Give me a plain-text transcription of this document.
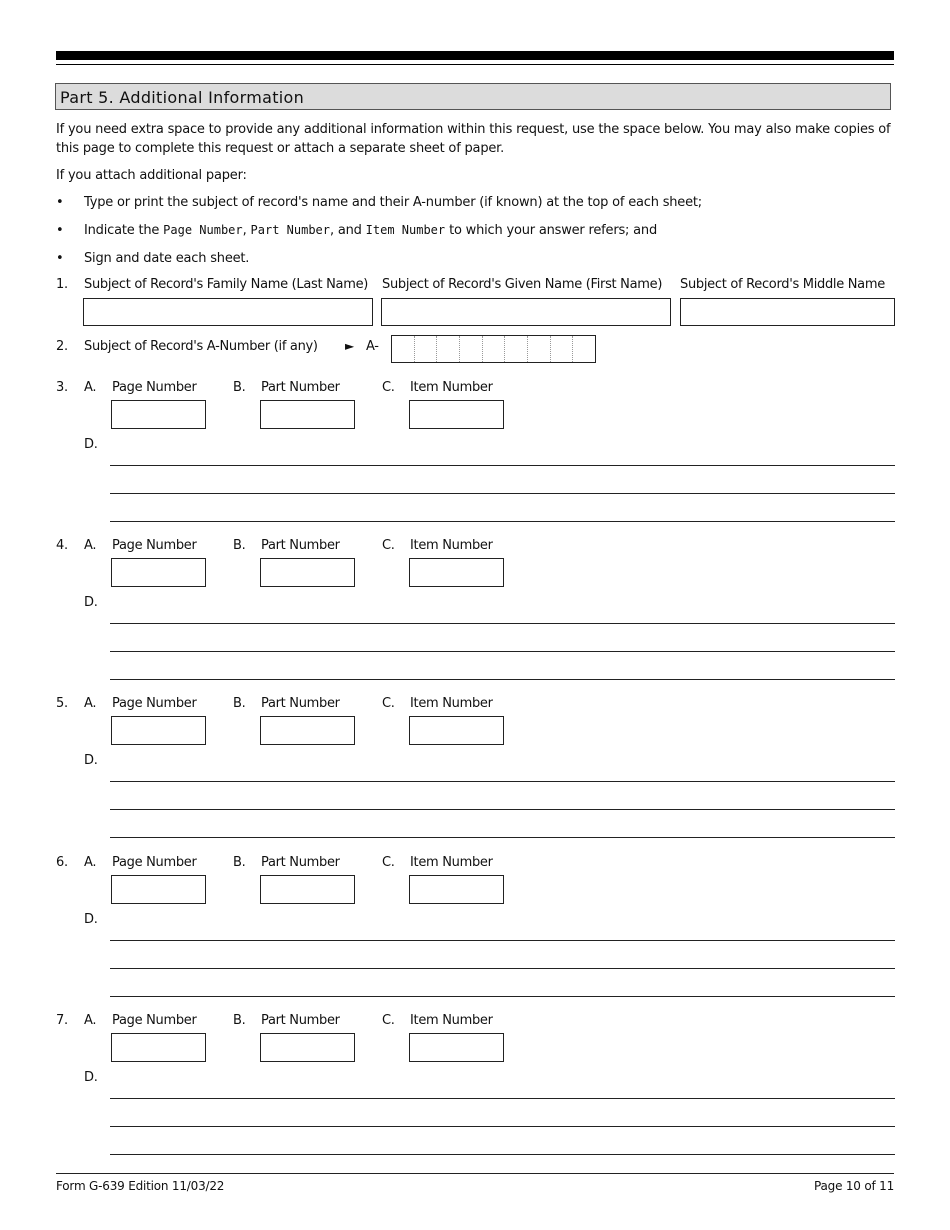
Part 5. Additional Information
If you need extra space to provide any additional information within this request, use the space below. You may also make copies of this page to complete this request or attach a separate sheet of paper.
If you attach additional paper:
• Type or print the subject of record's name and their A-number (if known) at the top of each sheet;
• Indicate the Page Number, Part Number, and Item Number to which your answer refers; and
• Sign and date each sheet.
1. Subject of Record's Family Name (Last Name)	Subject of Record's Given Name (First Name)	Subject of Record's Middle Name
2. Subject of Record's A-Number (if any) ► A-
3. A. Page Number	B. Part Number	C. Item Number
D.
4. A. Page Number	B. Part Number	C. Item Number
D.
5. A. Page Number	B. Part Number	C. Item Number
D.
6. A. Page Number	B. Part Number	C. Item Number
D.
7. A. Page Number	B. Part Number	C. Item Number
D.
Form G-639 Edition 11/03/22	Page 10 of 11
